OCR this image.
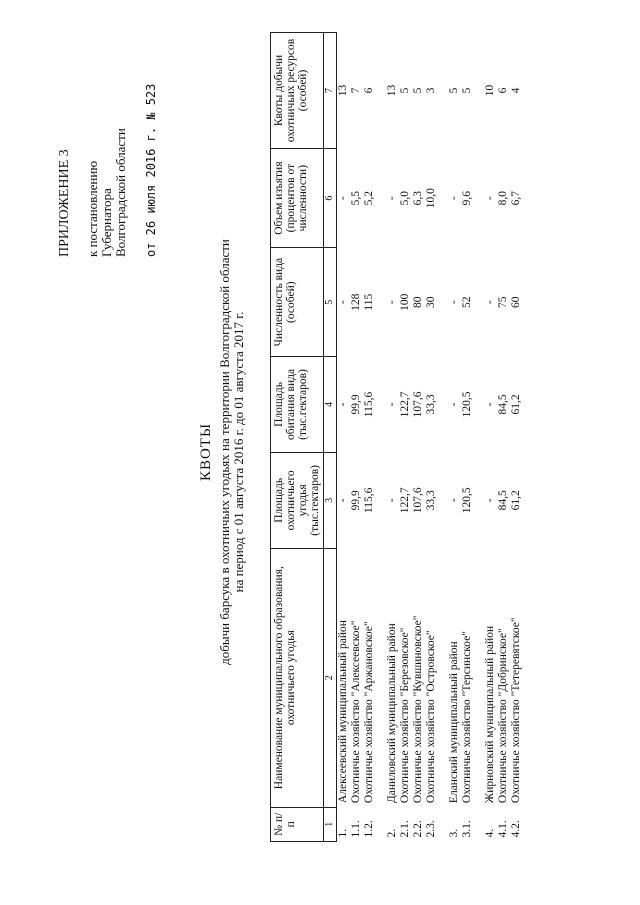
ПРИЛОЖЕНИЕ 3 к постановлению Губернатора Волгоградской области от 26 июля 2016 г. № 523
КВОТЫ добычи барсука в охотничьих угодьях на территории Волгоградской области на период с 01 августа 2016 г. до 01 августа 2017 г.
№ п/п	Наименование муниципального образования, охотничьего угодья	Площадь охотничьего угодья (тыс.гектаров)	Площадь обитания вида (тыс.гектаров)	Численность вида (особей)	Объем изъятия (процентов от численности)	Квоты добычи охотничьих ресурсов (особей)
1	2	3	4	5	6	7
1.	Алексеевский муниципальный район	-	-	-	-	13
1.1.	Охотничье хозяйство "Алексеевское"	99,9	99,9	128	5,5	7
1.2.	Охотничье хозяйство "Аржановское"	115,6	115,6	115	5,2	6

2.	Даниловский муниципальный район	-	-	-	-	13
2.1.	Охотничье хозяйство "Березовское"	122,7	122,7	100	5,0	5
2.2.	Охотничье хозяйство "Кувшиновское"	107,6	107,6	80	6,3	5
2.3.	Охотничье хозяйство "Островское"	33,3	33,3	30	10,0	3

3.	Еланский муниципальный район	-	-	-	-	5
3.1.	Охотничье хозяйство "Терсинское"	120,5	120,5	52	9,6	5

4.	Жирновский муниципальный район	-	-	-	-	10
4.1.	Охотничье хозяйство "Добринское"	84,5	84,5	75	8,0	6
4.2.	Охотничье хозяйство "Тетеревятское"	61,2	61,2	60	6,7	4
